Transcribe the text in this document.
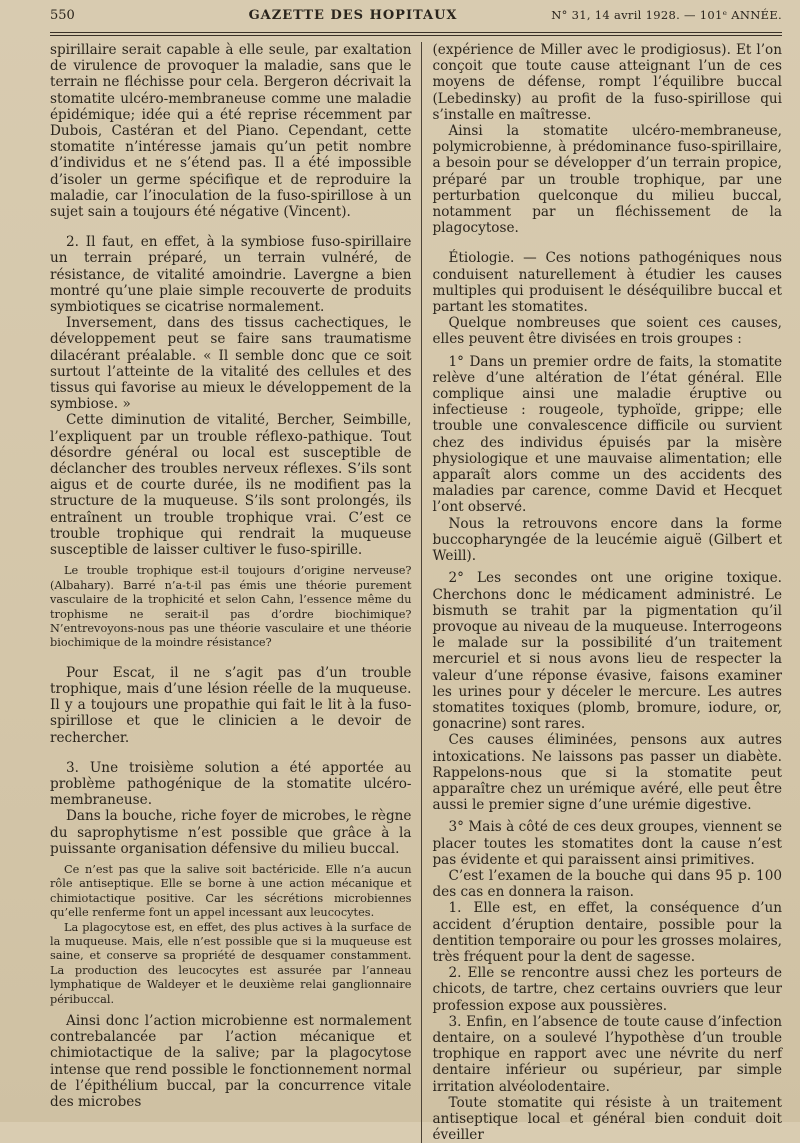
550	GAZETTE DES HOPITAUX	N° 31, 14 avril 1928. — 101ᵉ ANNÉE.

spirillaire serait capable à elle seule, par exaltation de virulence de provoquer la maladie, sans que le terrain ne fléchisse pour cela. Bergeron décrivait la stomatite ulcéro-membraneuse comme une maladie épidémique; idée qui a été reprise récemment par Dubois, Castéran et del Piano. Cependant, cette stomatite n’intéresse jamais qu’un petit nombre d’individus et ne s’étend pas. Il a été impossible d’isoler un germe spécifique et de reproduire la maladie, car l’inoculation de la fuso-spirillose à un sujet sain a toujours été négative (Vincent).

2. Il faut, en effet, à la symbiose fuso-spirillaire un terrain préparé, un terrain vulnéré, de résistance, de vitalité amoindrie. Lavergne a bien montré qu’une plaie simple recouverte de produits symbiotiques se cicatrise normalement.

Inversement, dans des tissus cachectiques, le développement peut se faire sans traumatisme dilacérant préalable. « Il semble donc que ce soit surtout l’atteinte de la vitalité des cellules et des tissus qui favorise au mieux le développement de la symbiose. »

Cette diminution de vitalité, Bercher, Seimbille, l’expliquent par un trouble réflexo-pathique. Tout désordre général ou local est susceptible de déclancher des troubles nerveux réflexes. S’ils sont aigus et de courte durée, ils ne modifient pas la structure de la muqueuse. S’ils sont prolongés, ils entraînent un trouble trophique vrai. C’est ce trouble trophique qui rendrait la muqueuse susceptible de laisser cultiver le fuso-spirille.

Le trouble trophique est-il toujours d’origine nerveuse? (Albahary). Barré n’a-t-il pas émis une théorie purement vasculaire de la trophicité et selon Cahn, l’essence même du trophisme ne serait-il pas d’ordre biochimique? N’entrevoyons-nous pas une théorie vasculaire et une théorie biochimique de la moindre résistance?

Pour Escat, il ne s’agit pas d’un trouble trophique, mais d’une lésion réelle de la muqueuse. Il y a toujours une propathie qui fait le lit à la fuso-spirillose et que le clinicien a le devoir de rechercher.

3. Une troisième solution a été apportée au problème pathogénique de la stomatite ulcéro-membraneuse.

Dans la bouche, riche foyer de microbes, le règne du saprophytisme n’est possible que grâce à la puissante organisation défensive du milieu buccal.

Ce n’est pas que la salive soit bactéricide. Elle n’a aucun rôle antiseptique. Elle se borne à une action mécanique et chimiotactique positive. Car les sécrétions microbiennes qu’elle renferme font un appel incessant aux leucocytes.

La plagocytose est, en effet, des plus actives à la surface de la muqueuse. Mais, elle n’est possible que si la muqueuse est saine, et conserve sa propriété de desquamer constamment. La production des leucocytes est assurée par l’anneau lymphatique de Waldeyer et le deuxième relai ganglionnaire péribuccal.

Ainsi donc l’action microbienne est normalement contrebalancée par l’action mécanique et chimiotactique de la salive; par la plagocytose intense que rend possible le fonctionnement normal de l’épithélium buccal, par la concurrence vitale des microbes

(expérience de Miller avec le prodigiosus). Et l’on conçoit que toute cause atteignant l’un de ces moyens de défense, rompt l’équilibre buccal (Lebedinsky) au profit de la fuso-spirillose qui s’installe en maîtresse.

Ainsi la stomatite ulcéro-membraneuse, polymicrobienne, à prédominance fuso-spirillaire, a besoin pour se développer d’un terrain propice, préparé par un trouble trophique, par une perturbation quelconque du milieu buccal, notamment par un fléchissement de la plagocytose.

Étiologie. — Ces notions pathogéniques nous conduisent naturellement à étudier les causes multiples qui produisent le déséquilibre buccal et partant les stomatites.

Quelque nombreuses que soient ces causes, elles peuvent être divisées en trois groupes :

1° Dans un premier ordre de faits, la stomatite relève d’une altération de l’état général. Elle complique ainsi une maladie éruptive ou infectieuse : rougeole, typhoïde, grippe; elle trouble une convalescence difficile ou survient chez des individus épuisés par la misère physiologique et une mauvaise alimentation; elle apparaît alors comme un des accidents des maladies par carence, comme David et Hecquet l’ont observé.

Nous la retrouvons encore dans la forme buccopharyngée de la leucémie aiguë (Gilbert et Weill).

2° Les secondes ont une origine toxique. Cherchons donc le médicament administré. Le bismuth se trahit par la pigmentation qu’il provoque au niveau de la muqueuse. Interrogeons le malade sur la possibilité d’un traitement mercuriel et si nous avons lieu de respecter la valeur d’une réponse évasive, faisons examiner les urines pour y déceler le mercure. Les autres stomatites toxiques (plomb, bromure, iodure, or, gonacrine) sont rares.

Ces causes éliminées, pensons aux autres intoxications. Ne laissons pas passer un diabète. Rappelons-nous que si la stomatite peut apparaître chez un urémique avéré, elle peut être aussi le premier signe d’une urémie digestive.

3° Mais à côté de ces deux groupes, viennent se placer toutes les stomatites dont la cause n’est pas évidente et qui paraissent ainsi primitives.

C’est l’examen de la bouche qui dans 95 p. 100 des cas en donnera la raison.

1. Elle est, en effet, la conséquence d’un accident d’éruption dentaire, possible pour la dentition temporaire ou pour les grosses molaires, très fréquent pour la dent de sagesse.

2. Elle se rencontre aussi chez les porteurs de chicots, de tartre, chez certains ouvriers que leur profession expose aux poussières.

3. Enfin, en l’absence de toute cause d’infection dentaire, on a soulevé l’hypothèse d’un trouble trophique en rapport avec une névrite du nerf dentaire inférieur ou supérieur, par simple irritation alvéolodentaire.

Toute stomatite qui résiste à un traitement antiseptique local et général bien conduit doit éveiller
